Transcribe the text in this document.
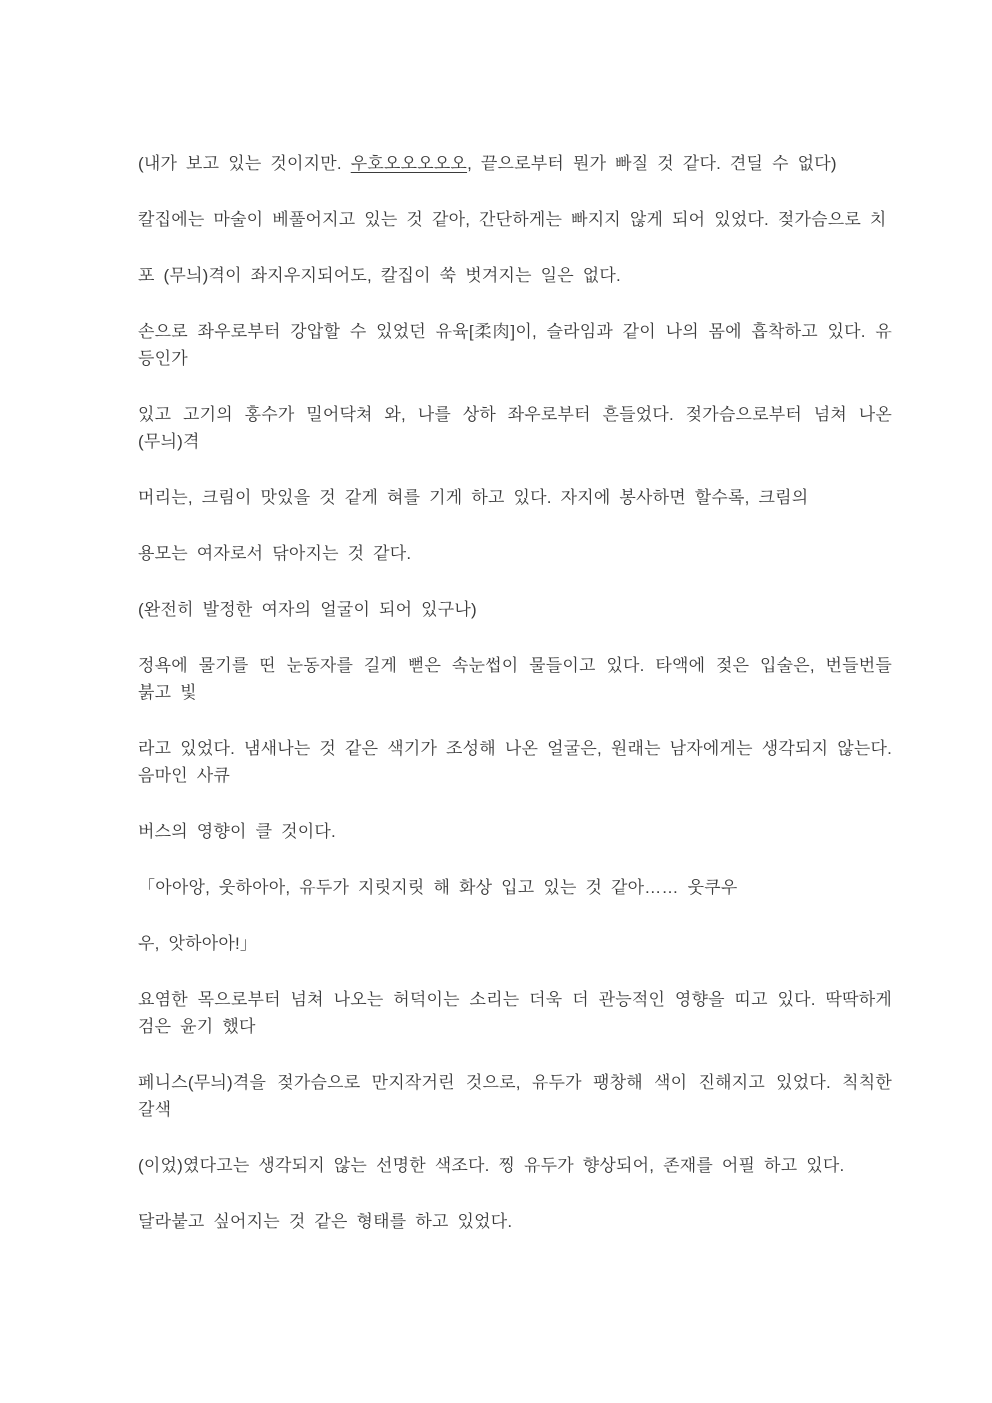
(내가 보고 있는 것이지만. 우호오오오오오, 끝으로부터 뭔가 빠질 것 같다. 견딜 수 없다)

칼집에는 마술이 베풀어지고 있는 것 같아, 간단하게는 빠지지 않게 되어 있었다. 젖가슴으로 치

포 (무늬)격이 좌지우지되어도, 칼집이 쑥 벗겨지는 일은 없다.

손으로 좌우로부터 강압할 수 있었던 유육[柔肉]이, 슬라임과 같이 나의 몸에 흡착하고 있다. 유등인가

있고 고기의 홍수가 밀어닥쳐 와, 나를 상하 좌우로부터 흔들었다. 젖가슴으로부터 넘쳐 나온 (무늬)격

머리는, 크림이 맛있을 것 같게 혀를 기게 하고 있다. 자지에 봉사하면 할수록, 크림의

용모는 여자로서 닦아지는 것 같다.

(완전히 발정한 여자의 얼굴이 되어 있구나)

정욕에 물기를 띤 눈동자를 길게 뻗은 속눈썹이 물들이고 있다. 타액에 젖은 입술은, 번들번들 붉고 빛

라고 있었다. 냄새나는 것 같은 색기가 조성해 나온 얼굴은, 원래는 남자에게는 생각되지 않는다. 음마인 사큐

버스의 영향이 클 것이다.

「아아앙, 웃하아아, 유두가 지릿지릿 해 화상 입고 있는 것 같아…… 웃쿠우

우, 앗하아아!」

요염한 목으로부터 넘쳐 나오는 허덕이는 소리는 더욱 더 관능적인 영향을 띠고 있다. 딱딱하게 검은 윤기 했다

페니스(무늬)격을 젖가슴으로 만지작거린 것으로, 유두가 팽창해 색이 진해지고 있었다. 칙칙한 갈색

(이었)였다고는 생각되지 않는 선명한 색조다. 찡 유두가 향상되어, 존재를 어필 하고 있다.

달라붙고 싶어지는 것 같은 형태를 하고 있었다.
